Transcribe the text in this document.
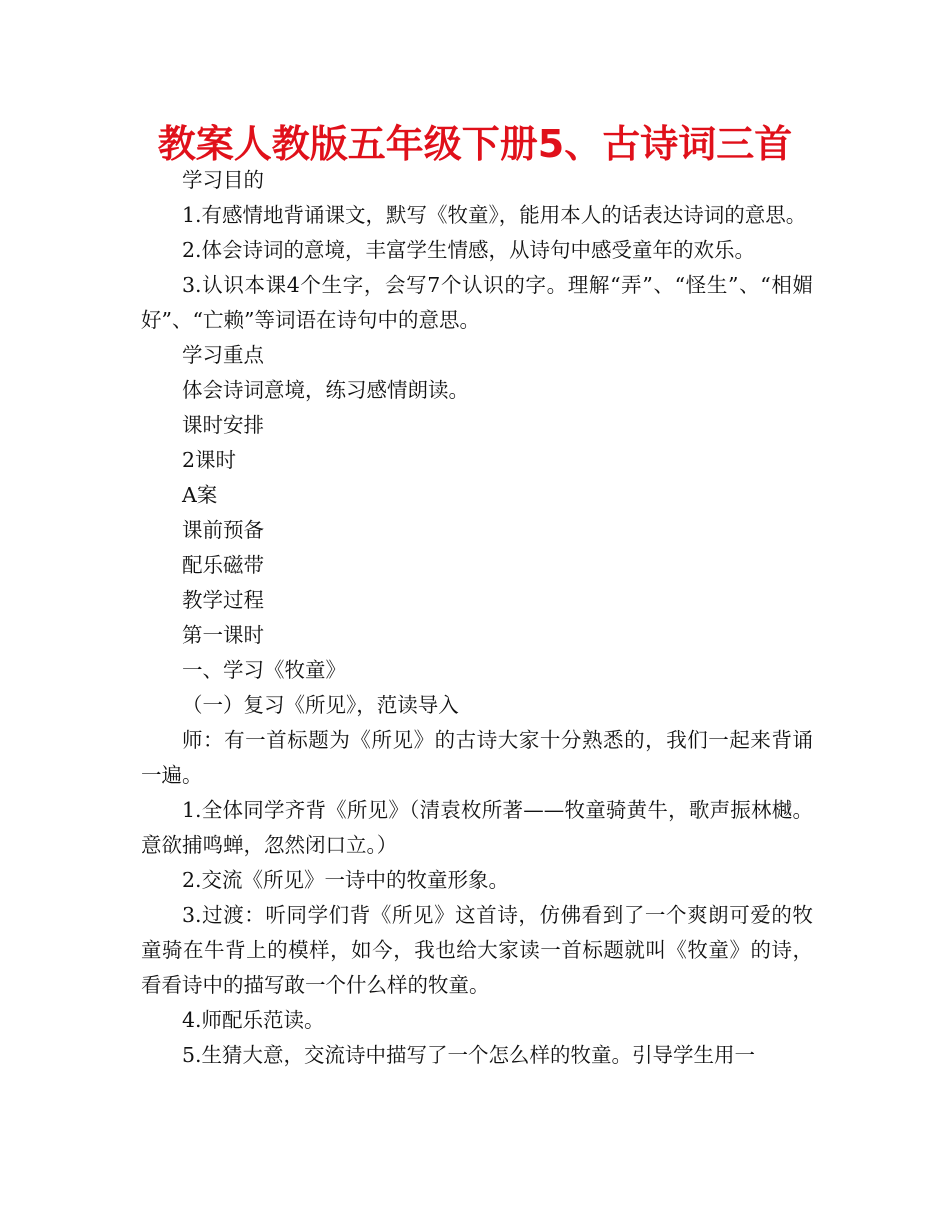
教案人教版五年级下册5、古诗词三首

学习目的

1.有感情地背诵课文，默写《牧童》，能用本人的话表达诗词的意思。

2.体会诗词的意境，丰富学生情感，从诗句中感受童年的欢乐。

3.认识本课4个生字，会写7个认识的字。理解“弄”、“怪生”、“相媚好”、“亡赖”等词语在诗句中的意思。

学习重点

体会诗词意境，练习感情朗读。

课时安排

2课时

A案

课前预备

配乐磁带

教学过程

第一课时

一、学习《牧童》

（一）复习《所见》，范读导入

师：有一首标题为《所见》的古诗大家十分熟悉的，我们一起来背诵一遍。

1.全体同学齐背《所见》（清袁枚所著——牧童骑黄牛，歌声振林樾。意欲捕鸣蝉，忽然闭口立。）

2.交流《所见》一诗中的牧童形象。

3.过渡：听同学们背《所见》这首诗，仿佛看到了一个爽朗可爱的牧童骑在牛背上的模样，如今，我也给大家读一首标题就叫《牧童》的诗，看看诗中的描写敢一个什么样的牧童。

4.师配乐范读。

5.生猜大意，交流诗中描写了一个怎么样的牧童。引导学生用一
